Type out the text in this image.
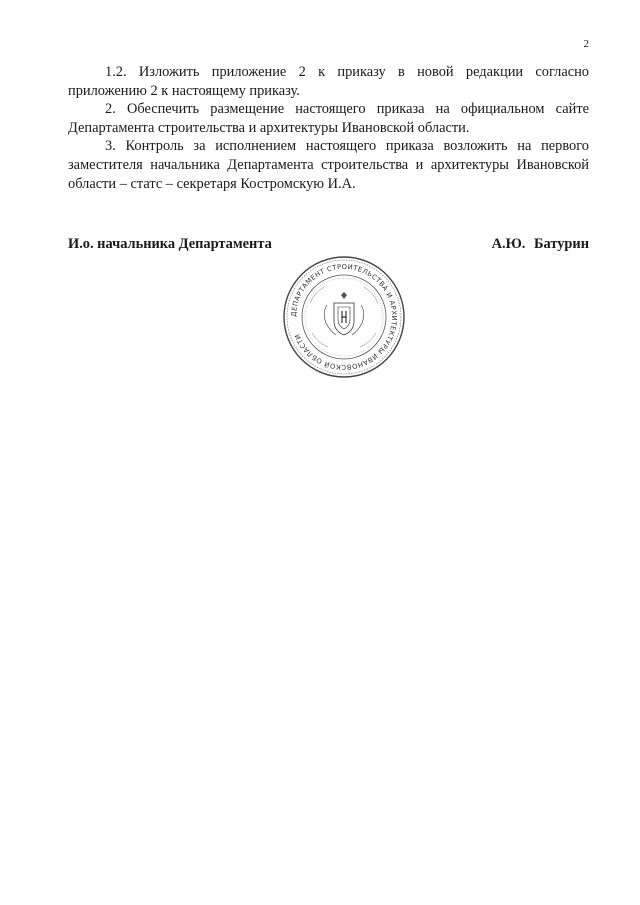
2

1.2. Изложить приложение 2 к приказу в новой редакции согласно приложению 2 к настоящему приказу.

2. Обеспечить размещение настоящего приказа на официальном сайте Департамента строительства и архитектуры Ивановской области.

3. Контроль за исполнением настоящего приказа возложить на первого заместителя начальника Департамента строительства и архитектуры Ивановской области – статс – секретаря Костромскую И.А.

И.о. начальника Департамента	А.Ю. Батурин
ДЕПАРТАМЕНТ СТРОИТЕЛЬСТВА И АРХИТЕКТУРЫ ИВАНОВСКОЙ ОБЛАСТИ
